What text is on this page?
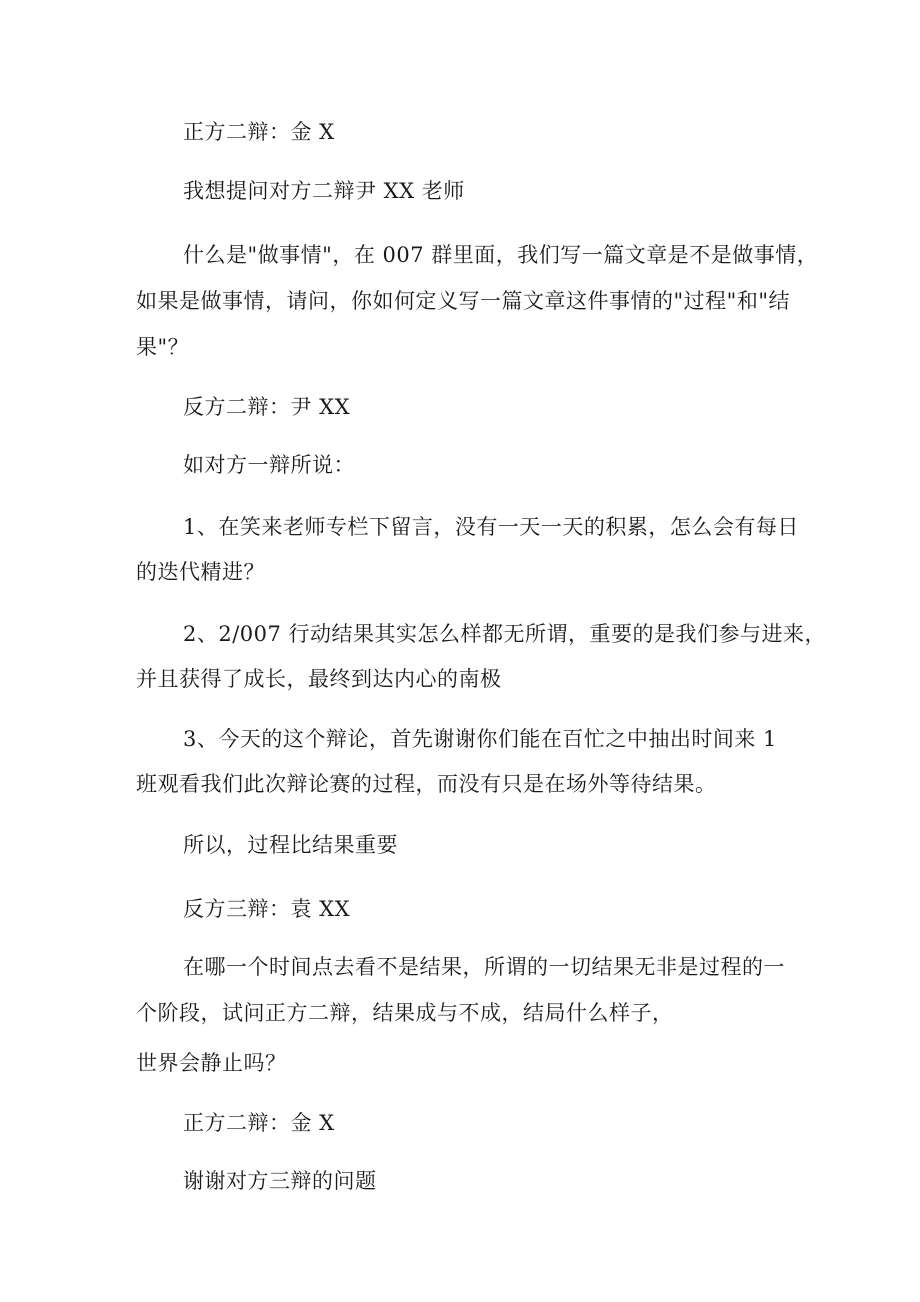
正方二辩：金 X

我想提问对方二辩尹 XX 老师

什么是"做事情"，在 007 群里面，我们写一篇文章是不是做事情，

如果是做事情，请问，你如何定义写一篇文章这件事情的"过程"和"结

果"？

反方二辩：尹 XX

如对方一辩所说：

1、在笑来老师专栏下留言，没有一天一天的积累，怎么会有每日

的迭代精进？

2、2/007 行动结果其实怎么样都无所谓，重要的是我们参与进来，

并且获得了成长，最终到达内心的南极

3、今天的这个辩论，首先谢谢你们能在百忙之中抽出时间来 1

班观看我们此次辩论赛的过程，而没有只是在场外等待结果。

所以，过程比结果重要

反方三辩：袁 XX

在哪一个时间点去看不是结果，所谓的一切结果无非是过程的一

个阶段，试问正方二辩，结果成与不成，结局什么样子，

世界会静止吗？

正方二辩：金 X

谢谢对方三辩的问题
